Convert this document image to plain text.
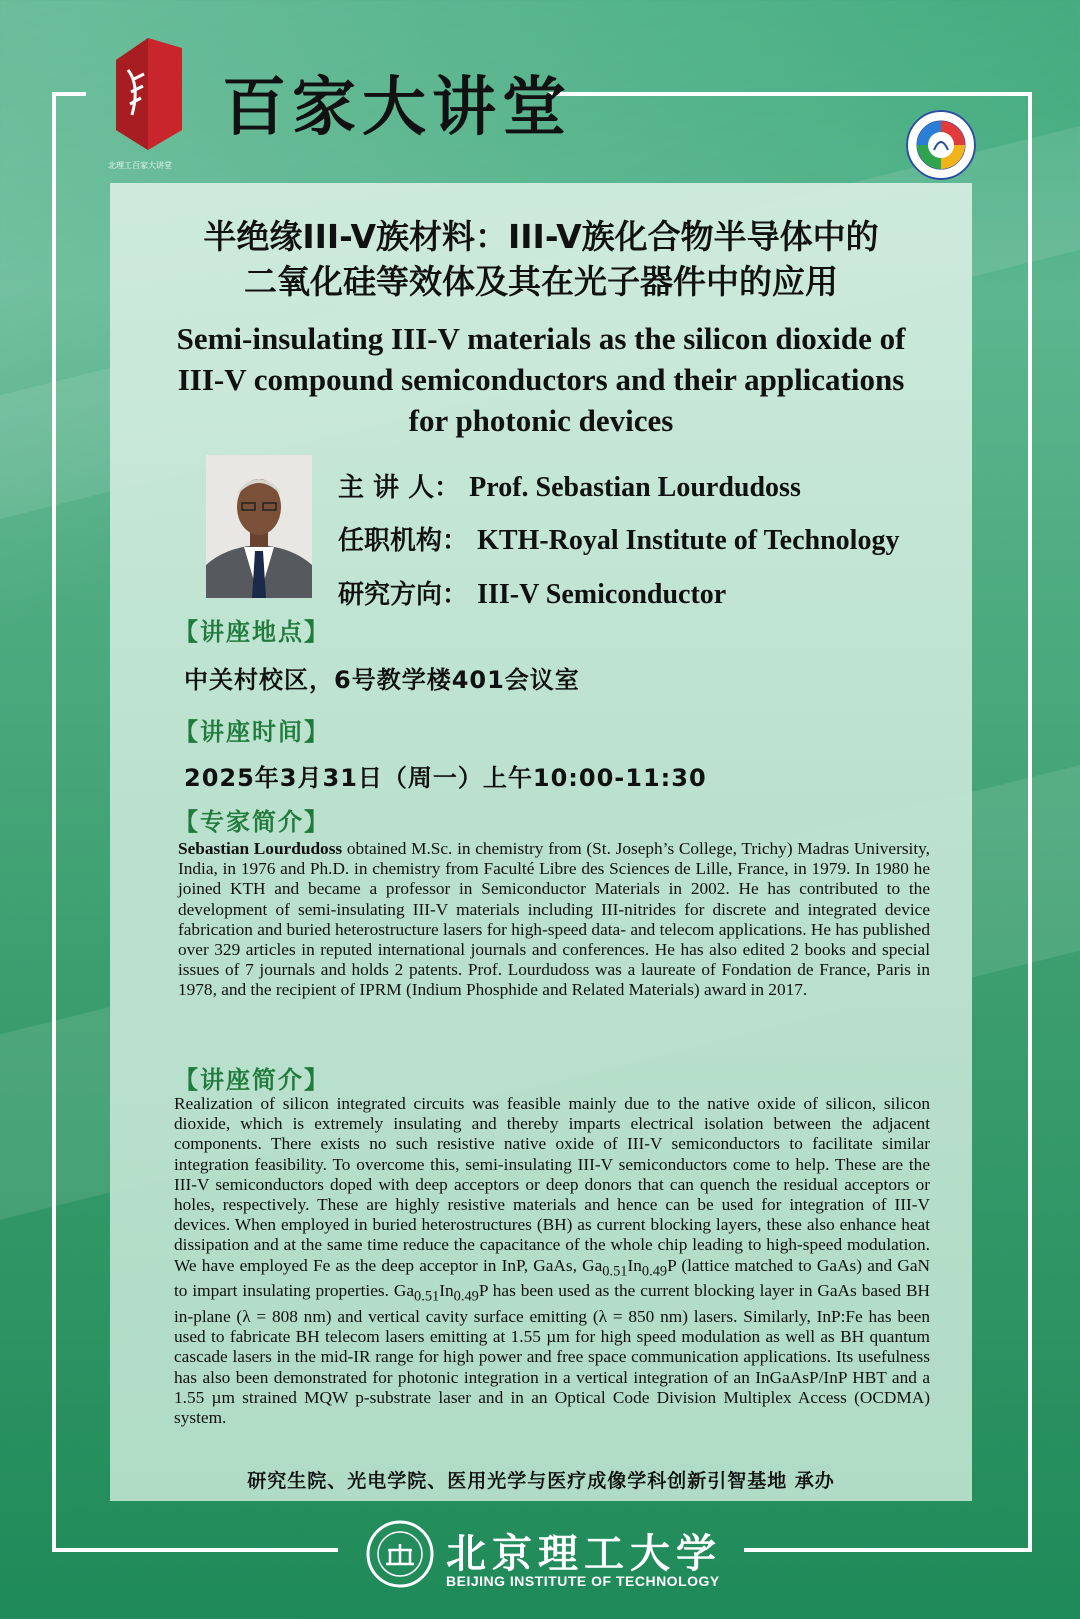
北理工百家大讲堂
百家大讲堂
半绝缘III-V族材料：III-V族化合物半导体中的
二氧化硅等效体及其在光子器件中的应用
Semi-insulating III-V materials as the silicon dioxide of
III-V compound semiconductors and their applications
for photonic devices
主 讲 人： Prof. Sebastian Lourdudoss
任职机构： KTH-Royal Institute of Technology
研究方向： III-V Semiconductor
【讲座地点】
中关村校区，6号教学楼401会议室
【讲座时间】
2025年3月31日（周一）上午10:00-11:30
【专家简介】

Sebastian Lourdudoss obtained M.Sc. in chemistry from (St. Joseph’s College, Trichy) Madras University, India, in 1976 and Ph.D. in chemistry from Faculté Libre des Sciences de Lille, France, in 1979. In 1980 he joined KTH and became a professor in Semiconductor Materials in 2002. He has contributed to the development of semi-insulating III-V materials including III-nitrides for discrete and integrated device fabrication and buried heterostructure lasers for high-speed data- and telecom applications. He has published over 329 articles in reputed international journals and conferences. He has also edited 2 books and special issues of 7 journals and holds 2 patents. Prof. Lourdudoss was a laureate of Fondation de France, Paris in 1978, and the recipient of IPRM (Indium Phosphide and Related Materials) award in 2017.

【讲座简介】

Realization of silicon integrated circuits was feasible mainly due to the native oxide of silicon, silicon dioxide, which is extremely insulating and thereby imparts electrical isolation between the adjacent components. There exists no such resistive native oxide of III-V semiconductors to facilitate similar integration feasibility. To overcome this, semi-insulating III-V semiconductors come to help. These are the III-V semiconductors doped with deep acceptors or deep donors that can quench the residual acceptors or holes, respectively. These are highly resistive materials and hence can be used for integration of III-V devices. When employed in buried heterostructures (BH) as current blocking layers, these also enhance heat dissipation and at the same time reduce the capacitance of the whole chip leading to high-speed modulation. We have employed Fe as the deep acceptor in InP, GaAs, $Ga_{0.51}In_{0.49}P$ (lattice matched to GaAs) and GaN to impart insulating properties. $Ga_{0.51}In_{0.49}P$ has been used as the current blocking layer in GaAs based BH in-plane (λ = 808 nm) and vertical cavity surface emitting (λ = 850 nm) lasers. Similarly, InP:Fe has been used to fabricate BH telecom lasers emitting at 1.55 µm for high speed modulation as well as BH quantum cascade lasers in the mid-IR range for high power and free space communication applications. Its usefulness has also been demonstrated for photonic integration in a vertical integration of an InGaAsP/InP HBT and a 1.55 µm strained MQW p-substrate laser and in an Optical Code Division Multiplex Access (OCDMA) system.

研究生院、光电学院、医用光学与医疗成像学科创新引智基地 承办
北京理工大学
BEIJING INSTITUTE OF TECHNOLOGY
